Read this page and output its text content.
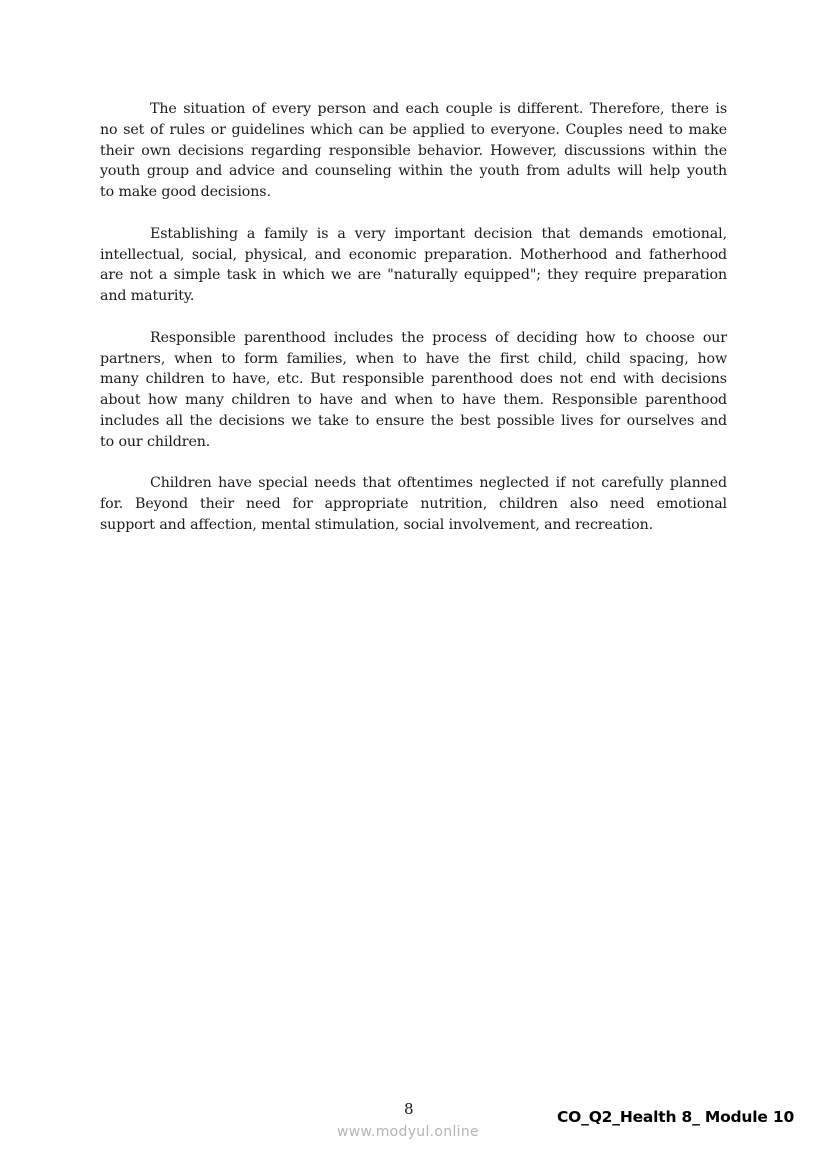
The situation of every person and each couple is different. Therefore, there is
no set of rules or guidelines which can be applied to everyone. Couples need to make
their own decisions regarding responsible behavior. However, discussions within the
youth group and advice and counseling within the youth from adults will help youth
to make good decisions.
Establishing a family is a very important decision that demands emotional,
intellectual, social, physical, and economic preparation. Motherhood and fatherhood
are not a simple task in which we are "naturally equipped"; they require preparation
and maturity.
Responsible parenthood includes the process of deciding how to choose our
partners, when to form families, when to have the first child, child spacing, how
many children to have, etc. But responsible parenthood does not end with decisions
about how many children to have and when to have them. Responsible parenthood
includes all the decisions we take to ensure the best possible lives for ourselves and
to our children.
Children have special needs that oftentimes neglected if not carefully planned
for. Beyond their need for appropriate nutrition, children also need emotional
support and affection, mental stimulation, social involvement, and recreation.
8	CO_Q2_Health 8_ Module 10
www.modyul.online
